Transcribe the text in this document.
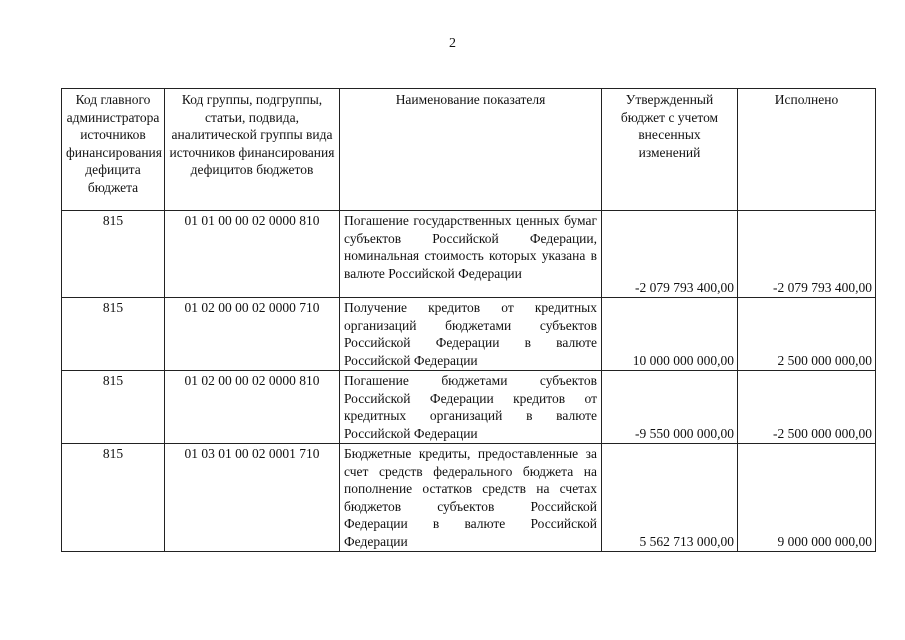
2
Код главного администратора источников финансирования дефицита бюджета	Код группы, подгруппы, статьи, подвида, аналитической группы вида источников финансирования дефицитов бюджетов	Наименование показателя	Утвержденный бюджет с учетом внесенных изменений	Исполнено
815	01 01 00 00 02 0000 810	Погашение государственных ценных бумаг субъектов Российской Федерации, номинальная стоимость которых указана в валюте Российской Федерации	-2 079 793 400,00	-2 079 793 400,00
815	01 02 00 00 02 0000 710	Получение кредитов от кредитных организаций бюджетами субъектов Российской Федерации в валюте Российской Федерации	10 000 000 000,00	2 500 000 000,00
815	01 02 00 00 02 0000 810	Погашение бюджетами субъектов Российской Федерации кредитов от кредитных организаций в валюте Российской Федерации	-9 550 000 000,00	-2 500 000 000,00
815	01 03 01 00 02 0001 710	Бюджетные кредиты, предоставленные за счет средств федерального бюджета на пополнение остатков средств на счетах бюджетов субъектов Российской Федерации в валюте Российской Федерации	5 562 713 000,00	9 000 000 000,00
